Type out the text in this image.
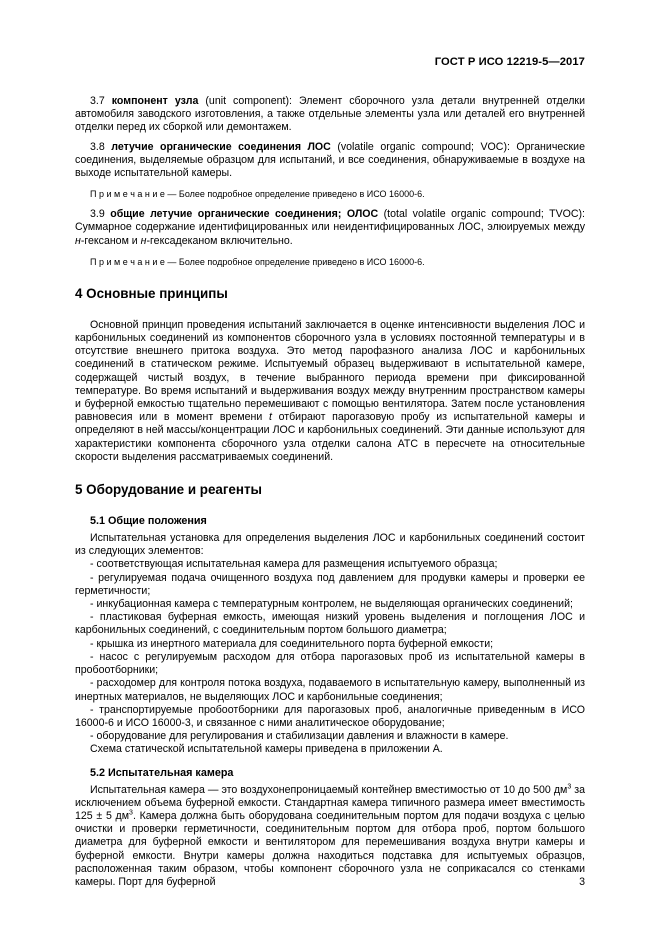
ГОСТ Р ИСО 12219-5—2017

3.7 компонент узла (unit component): Элемент сборочного узла детали внутренней отделки автомобиля заводского изготовления, а также отдельные элементы узла или деталей его внутренней отделки перед их сборкой или демонтажем.

3.8 летучие органические соединения ЛОС (volatile organic compound; VOC): Органические соединения, выделяемые образцом для испытаний, и все соединения, обнаруживаемые в воздухе на выходе испытательной камеры.

П р и м е ч а н и е — Более подробное определение приведено в ИСО 16000-6.

3.9 общие летучие органические соединения; ОЛОС (total volatile organic compound; TVOC): Суммарное содержание идентифицированных или неидентифицированных ЛОС, элюируемых между н-гексаном и н-гексадеканом включительно.

П р и м е ч а н и е — Более подробное определение приведено в ИСО 16000-6.

4 Основные принципы

Основной принцип проведения испытаний заключается в оценке интенсивности выделения ЛОС и карбонильных соединений из компонентов сборочного узла в условиях постоянной температуры и в отсутствие внешнего притока воздуха. Это метод парофазного анализа ЛОС и карбонильных соединений в статическом режиме. Испытуемый образец выдерживают в испытательной камере, содержащей чистый воздух, в течение выбранного периода времени при фиксированной температуре. Во время испытаний и выдерживания воздух между внутренним пространством камеры и буферной емкостью тщательно перемешивают с помощью вентилятора. Затем после установления равновесия или в момент времени t отбирают парогазовую пробу из испытательной камеры и определяют в ней массы/концентрации ЛОС и карбонильных соединений. Эти данные используют для характеристики компонента сборочного узла отделки салона АТС в пересчете на относительные скорости выделения рассматриваемых соединений.

5 Оборудование и реагенты
5.1 Общие положения

Испытательная установка для определения выделения ЛОС и карбонильных соединений состоит из следующих элементов:

- соответствующая испытательная камера для размещения испытуемого образца;

- регулируемая подача очищенного воздуха под давлением для продувки камеры и проверки ее герметичности;

- инкубационная камера с температурным контролем, не выделяющая органических соединений;

- пластиковая буферная емкость, имеющая низкий уровень выделения и поглощения ЛОС и карбонильных соединений, с соединительным портом большого диаметра;

- крышка из инертного материала для соединительного порта буферной емкости;

- насос с регулируемым расходом для отбора парогазовых проб из испытательной камеры в пробоотборники;

- расходомер для контроля потока воздуха, подаваемого в испытательную камеру, выполненный из инертных материалов, не выделяющих ЛОС и карбонильные соединения;

- транспортируемые пробоотборники для парогазовых проб, аналогичные приведенным в ИСО 16000-6 и ИСО 16000-3, и связанное с ними аналитическое оборудование;

- оборудование для регулирования и стабилизации давления и влажности в камере.

Схема статической испытательной камеры приведена в приложении А.

5.2 Испытательная камера

Испытательная камера — это воздухонепроницаемый контейнер вместимостью от 10 до 500 $дм^3$ за исключением объема буферной емкости. Стандартная камера типичного размера имеет вместимость 125 ± 5 $дм^3$. Камера должна быть оборудована соединительным портом для подачи воздуха с целью очистки и проверки герметичности, соединительным портом для отбора проб, портом большого диаметра для буферной емкости и вентилятором для перемешивания воздуха внутри камеры и буферной емкости. Внутри камеры должна находиться подставка для испытуемых образцов, расположенная таким образом, чтобы компонент сборочного узла не соприкасался со стенками камеры. Порт для буферной	3
